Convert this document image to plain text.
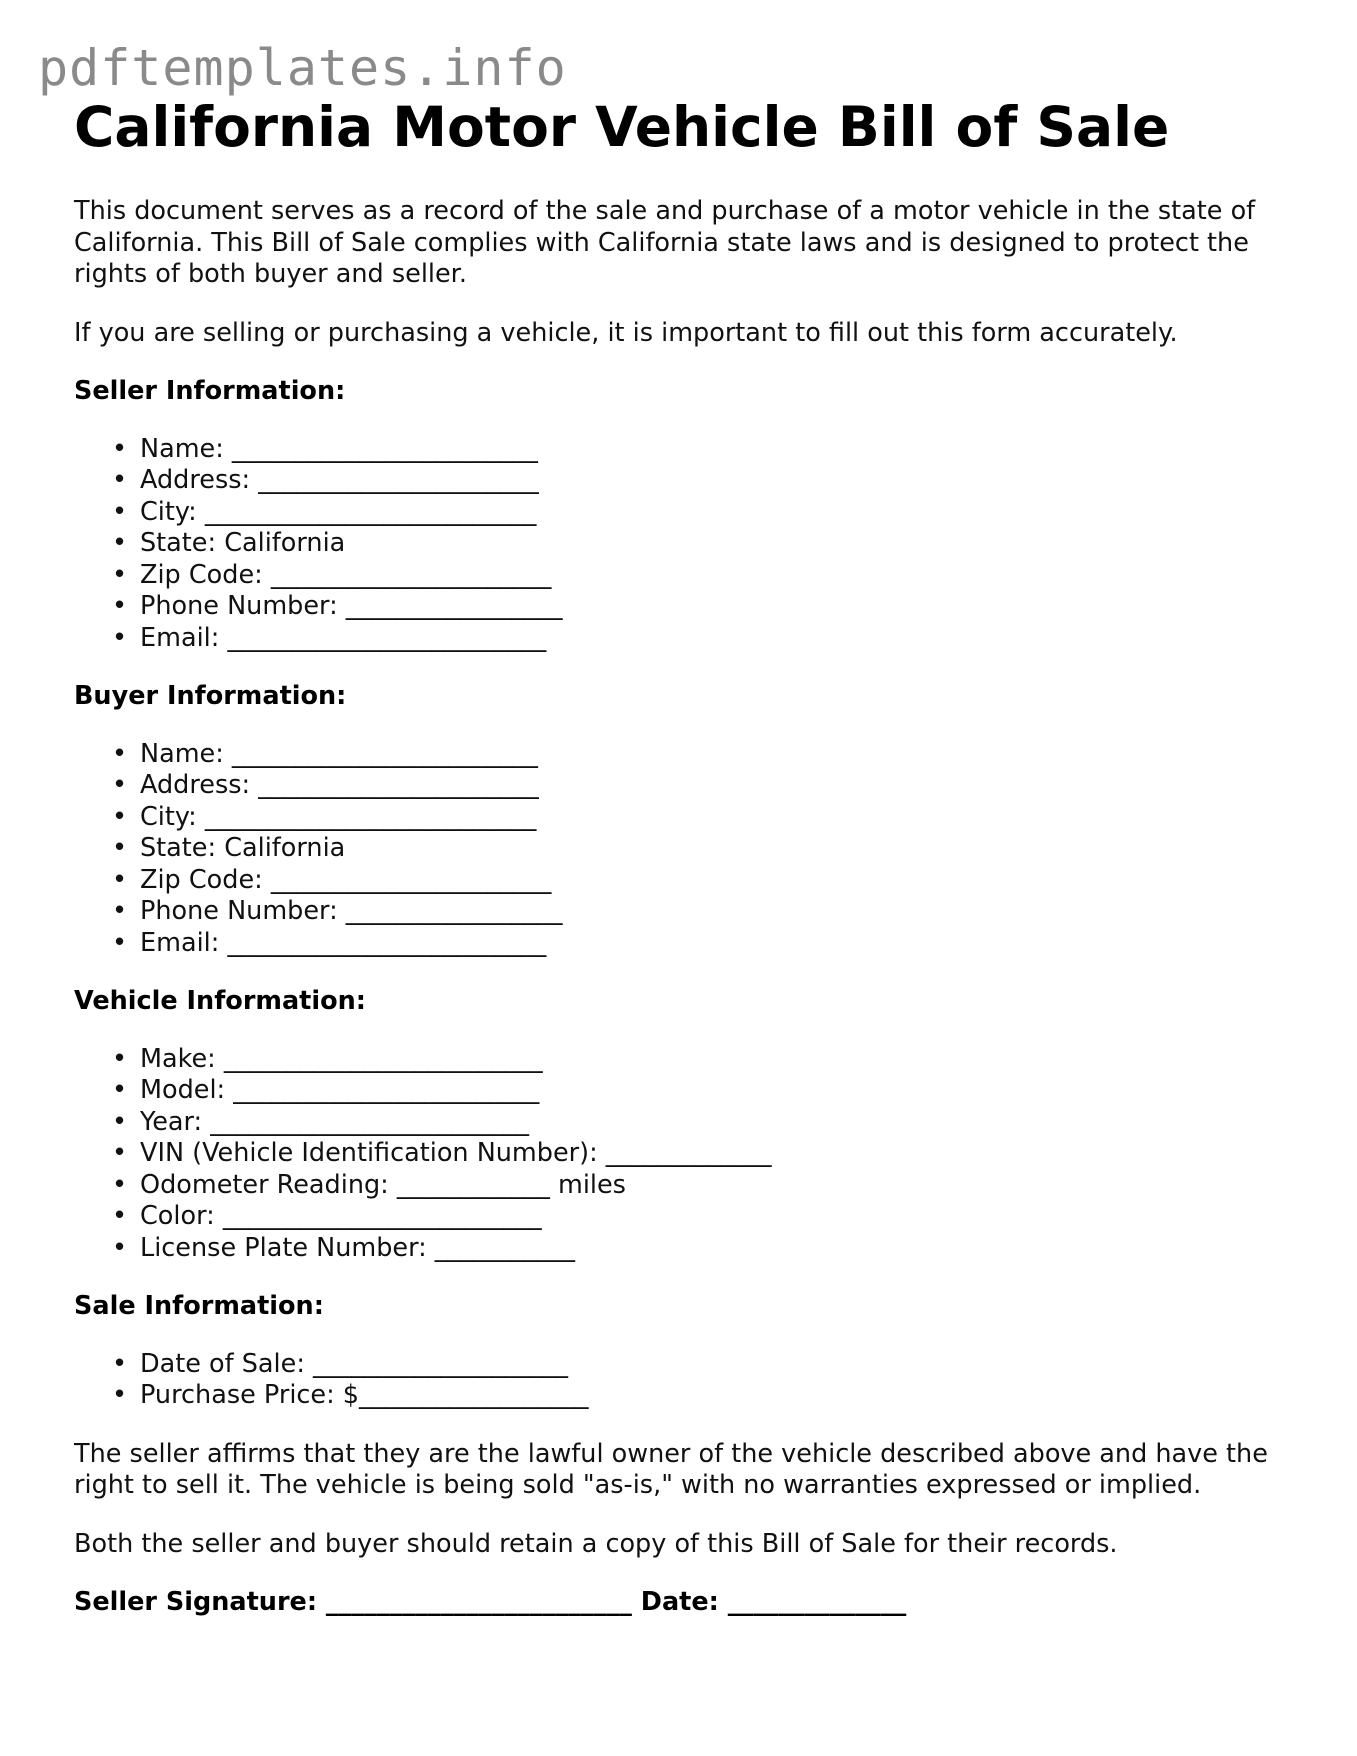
pdftemplates.info
California Motor Vehicle Bill of Sale

This document serves as a record of the sale and purchase of a motor vehicle in the state of California. This Bill of Sale complies with California state laws and is designed to protect the rights of both buyer and seller.

If you are selling or purchasing a vehicle, it is important to fill out this form accurately.

Seller Information:
• Name: ________________________
• Address: ______________________
• City: __________________________
• State: California
• Zip Code: ______________________
• Phone Number: _________________
• Email: _________________________
Buyer Information:
• Name: ________________________
• Address: ______________________
• City: __________________________
• State: California
• Zip Code: ______________________
• Phone Number: _________________
• Email: _________________________
Vehicle Information:
• Make: _________________________
• Model: ________________________
• Year: _________________________
• VIN (Vehicle Identification Number): _____________
• Odometer Reading: ____________ miles
• Color: _________________________
• License Plate Number: ___________
Sale Information:
• Date of Sale: ____________________
• Purchase Price: $__________________

The seller affirms that they are the lawful owner of the vehicle described above and have the right to sell it. The vehicle is being sold "as-is," with no warranties expressed or implied.

Both the seller and buyer should retain a copy of this Bill of Sale for their records.

Seller Signature: ________________________ Date: ______________
